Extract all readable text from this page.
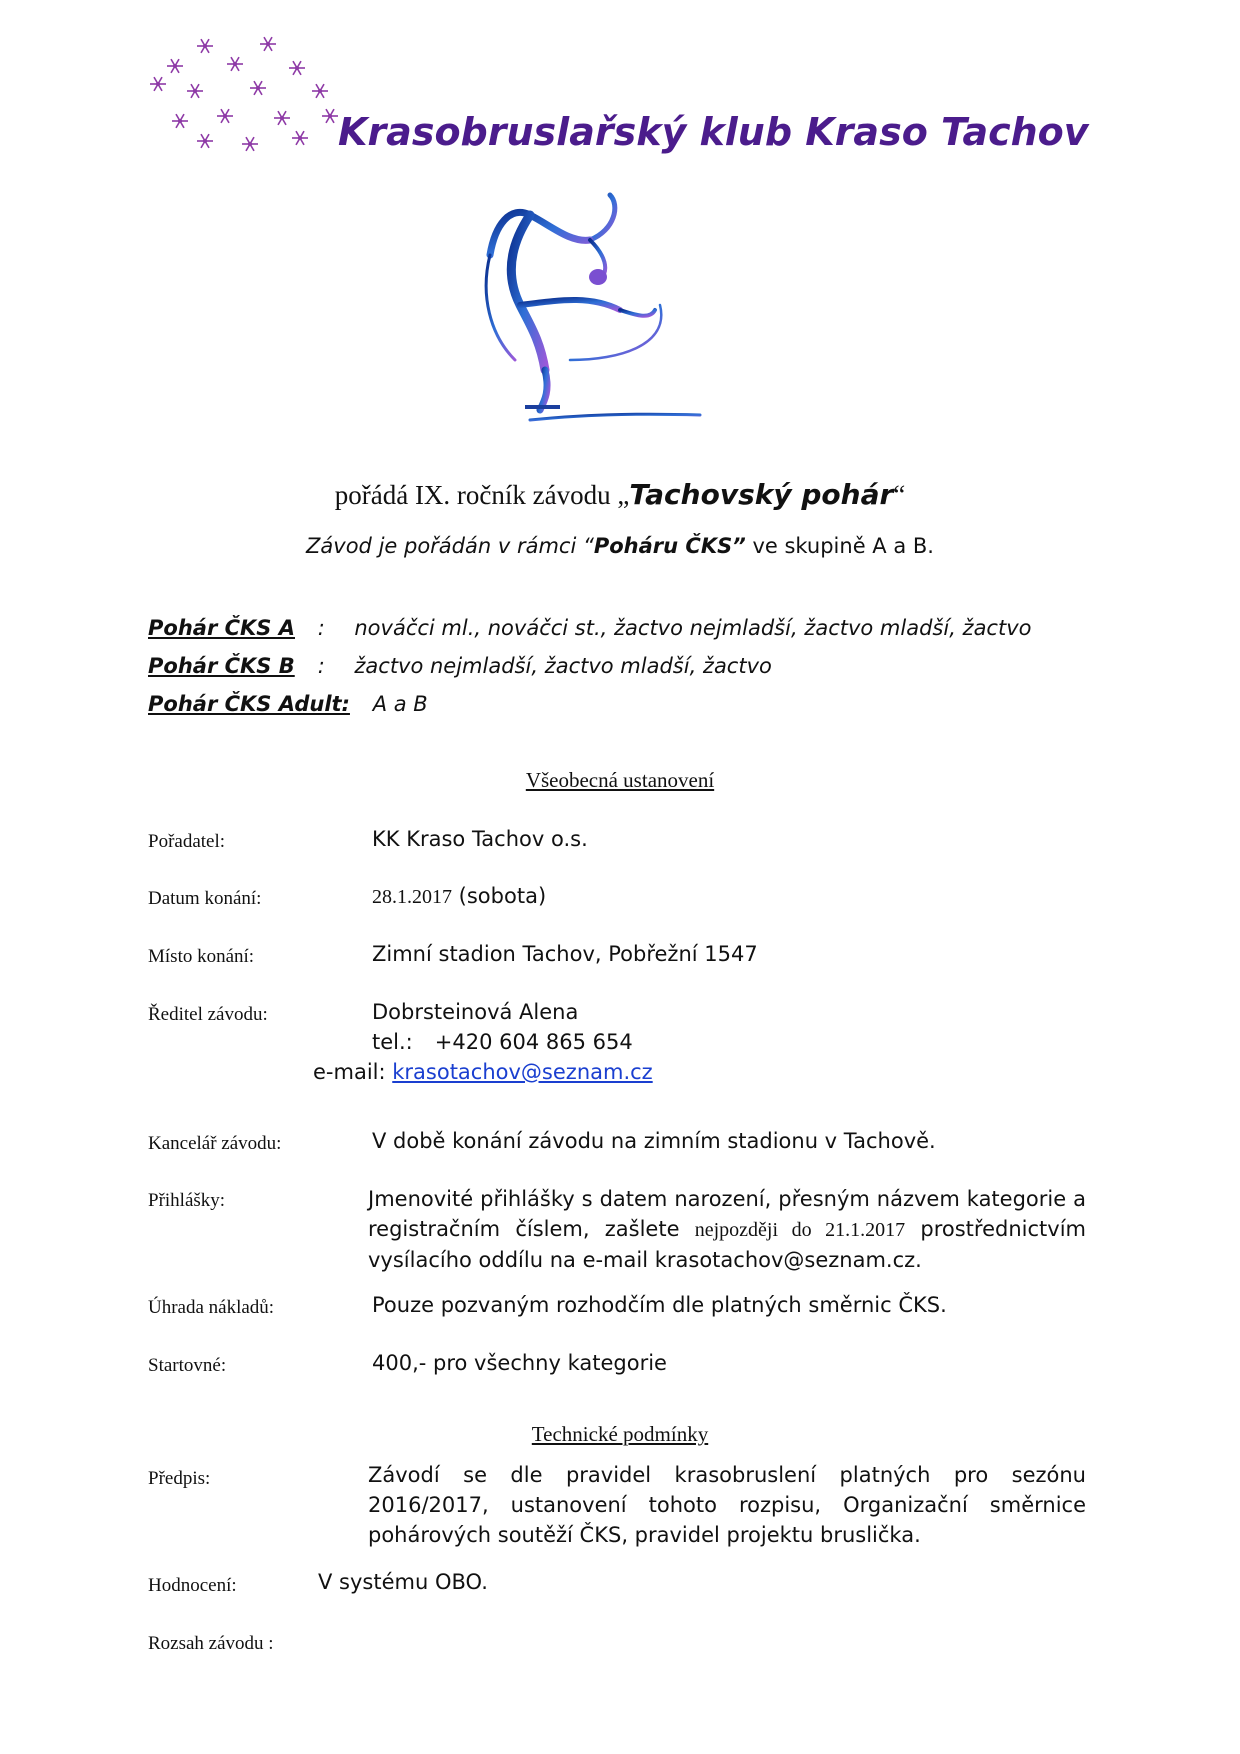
Krasobruslařský klub Kraso Tachov
pořádá IX. ročník závodu „Tachovský pohár“
Závod je pořádán v rámci “Poháru ČKS” ve skupině A a B.
Pohár ČKS A : nováčci ml., nováčci st., žactvo nejmladší, žactvo mladší, žactvo
Pohár ČKS B : žactvo nejmladší, žactvo mladší, žactvo
Pohár ČKS Adult: A a B
Všeobecná ustanovení
Pořadatel:	KK Kraso Tachov o.s.
Datum konání:	28.1.2017 (sobota)
Místo konání:	Zimní stadion Tachov, Pobřežní 1547
Ředitel závodu:	Dobrsteinová Alena
tel.: +420 604 865 654
e-mail: krasotachov@seznam.cz
Kancelář závodu:	V době konání závodu na zimním stadionu v Tachově.
Přihlášky:	Jmenovité přihlášky s datem narození, přesným názvem kategorie a registračním číslem, zašlete nejpozději do 21.1.2017 prostřednictvím vysílacího oddílu na e-mail krasotachov@seznam.cz.
Úhrada nákladů:	Pouze pozvaným rozhodčím dle platných směrnic ČKS.
Startovné:	400,- pro všechny kategorie
Technické podmínky
Předpis:	Závodí se dle pravidel krasobruslení platných pro sezónu 2016/2017, ustanovení tohoto rozpisu, Organizační směrnice pohárových soutěží ČKS, pravidel projektu bruslička.
Hodnocení:	V systému OBO.
Rozsah závodu :
